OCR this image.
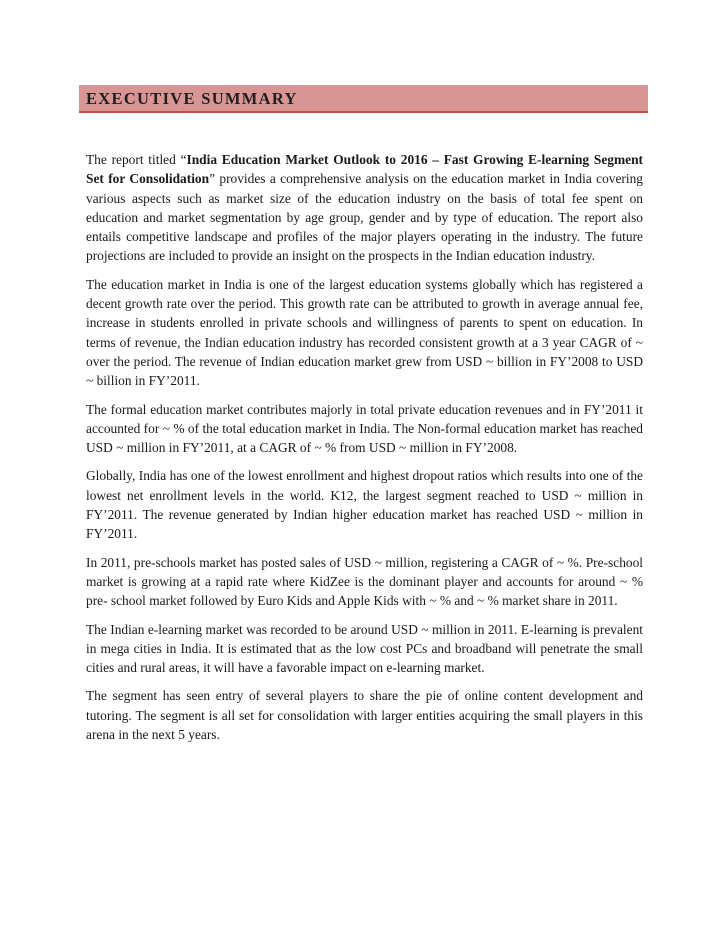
EXECUTIVE SUMMARY

The report titled “India Education Market Outlook to 2016 – Fast Growing E-learning Segment Set for Consolidation” provides a comprehensive analysis on the education market in India covering various aspects such as market size of the education industry on the basis of total fee spent on education and market segmentation by age group, gender and by type of education. The report also entails competitive landscape and profiles of the major players operating in the industry. The future projections are included to provide an insight on the prospects in the Indian education industry.

The education market in India is one of the largest education systems globally which has registered a decent growth rate over the period. This growth rate can be attributed to growth in average annual fee, increase in students enrolled in private schools and willingness of parents to spent on education. In terms of revenue, the Indian education industry has recorded consistent growth at a 3 year CAGR of ~ over the period. The revenue of Indian education market grew from USD ~ billion in FY’2008 to USD ~ billion in FY’2011.

The formal education market contributes majorly in total private education revenues and in FY’2011 it accounted for ~ % of the total education market in India. The Non-formal education market has reached USD ~ million in FY’2011, at a CAGR of ~ % from USD ~ million in FY’2008.

Globally, India has one of the lowest enrollment and highest dropout ratios which results into one of the lowest net enrollment levels in the world. K12, the largest segment reached to USD ~ million in FY’2011. The revenue generated by Indian higher education market has reached USD ~ million in FY’2011.

In 2011, pre-schools market has posted sales of USD ~ million, registering a CAGR of ~ %. Pre-school market is growing at a rapid rate where KidZee is the dominant player and accounts for around ~ % pre- school market followed by Euro Kids and Apple Kids with ~ % and ~ % market share in 2011.

The Indian e-learning market was recorded to be around USD ~ million in 2011. E-learning is prevalent in mega cities in India. It is estimated that as the low cost PCs and broadband will penetrate the small cities and rural areas, it will have a favorable impact on e-learning market.

The segment has seen entry of several players to share the pie of online content development and tutoring. The segment is all set for consolidation with larger entities acquiring the small players in this arena in the next 5 years.
